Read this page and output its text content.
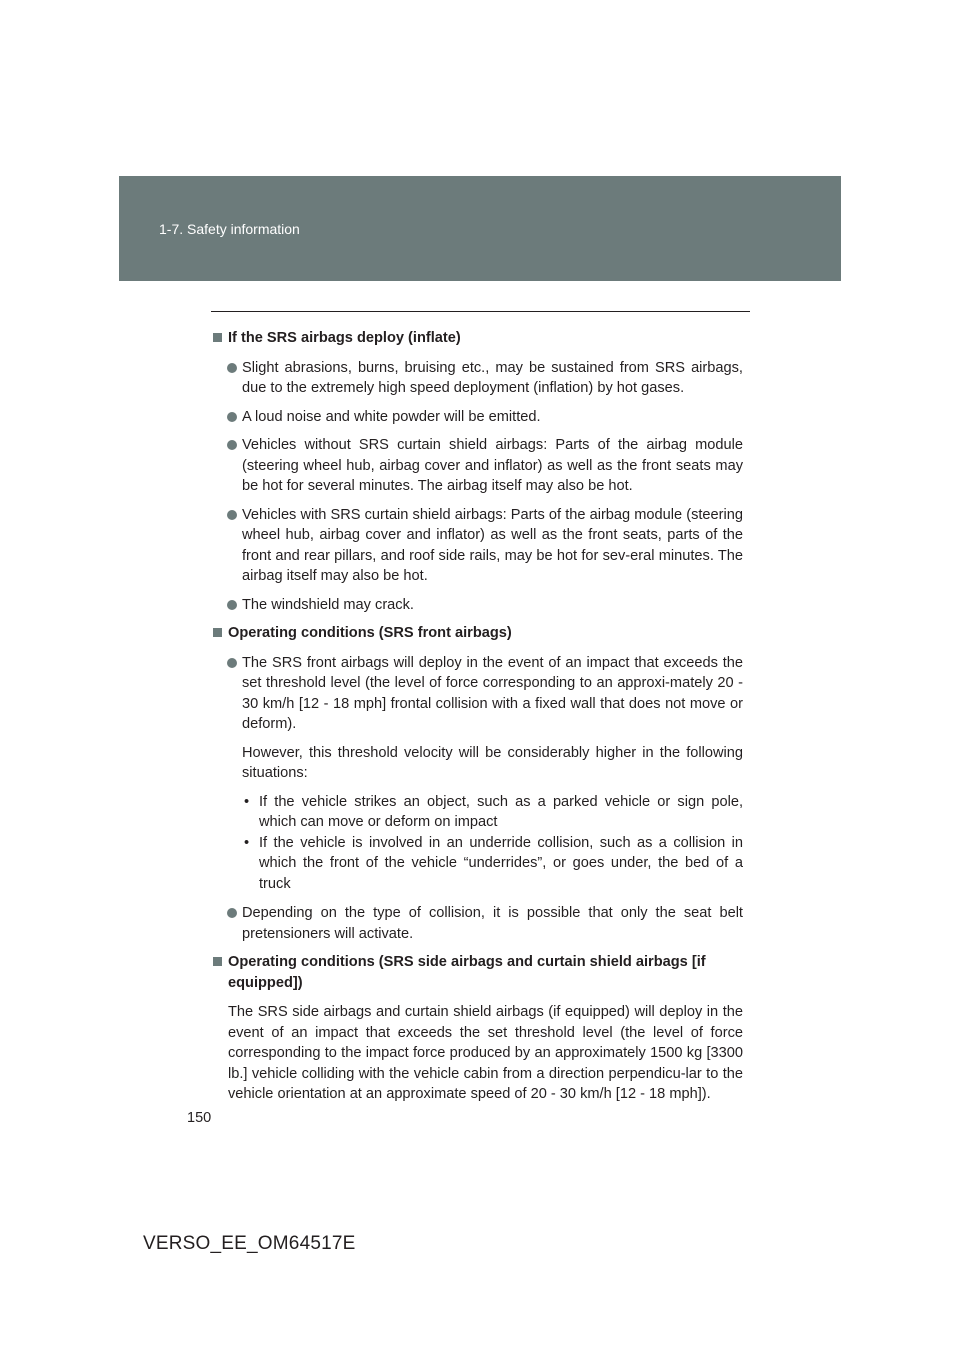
1-7. Safety information
If the SRS airbags deploy (inflate)
Slight abrasions, burns, bruising etc., may be sustained from SRS airbags, due to the extremely high speed deployment (inflation) by hot gases.
A loud noise and white powder will be emitted.
Vehicles without SRS curtain shield airbags: Parts of the airbag module (steering wheel hub, airbag cover and inflator) as well as the front seats may be hot for several minutes. The airbag itself may also be hot.
Vehicles with SRS curtain shield airbags: Parts of the airbag module (steering wheel hub, airbag cover and inflator) as well as the front seats, parts of the front and rear pillars, and roof side rails, may be hot for sev-eral minutes. The airbag itself may also be hot.
The windshield may crack.
Operating conditions (SRS front airbags)
The SRS front airbags will deploy in the event of an impact that exceeds the set threshold level (the level of force corresponding to an approxi-mately 20 - 30 km/h [12 - 18 mph] frontal collision with a fixed wall that does not move or deform).
However, this threshold velocity will be considerably higher in the following situations:
• If the vehicle strikes an object, such as a parked vehicle or sign pole, which can move or deform on impact
• If the vehicle is involved in an underride collision, such as a collision in which the front of the vehicle “underrides”, or goes under, the bed of a truck
Depending on the type of collision, it is possible that only the seat belt pretensioners will activate.
Operating conditions (SRS side airbags and curtain shield airbags [if equipped])
The SRS side airbags and curtain shield airbags (if equipped) will deploy in the event of an impact that exceeds the set threshold level (the level of force corresponding to the impact force produced by an approximately 1500 kg [3300 lb.] vehicle colliding with the vehicle cabin from a direction perpendicu-lar to the vehicle orientation at an approximate speed of 20 - 30 km/h [12 - 18 mph]).
150
VERSO_EE_OM64517E
